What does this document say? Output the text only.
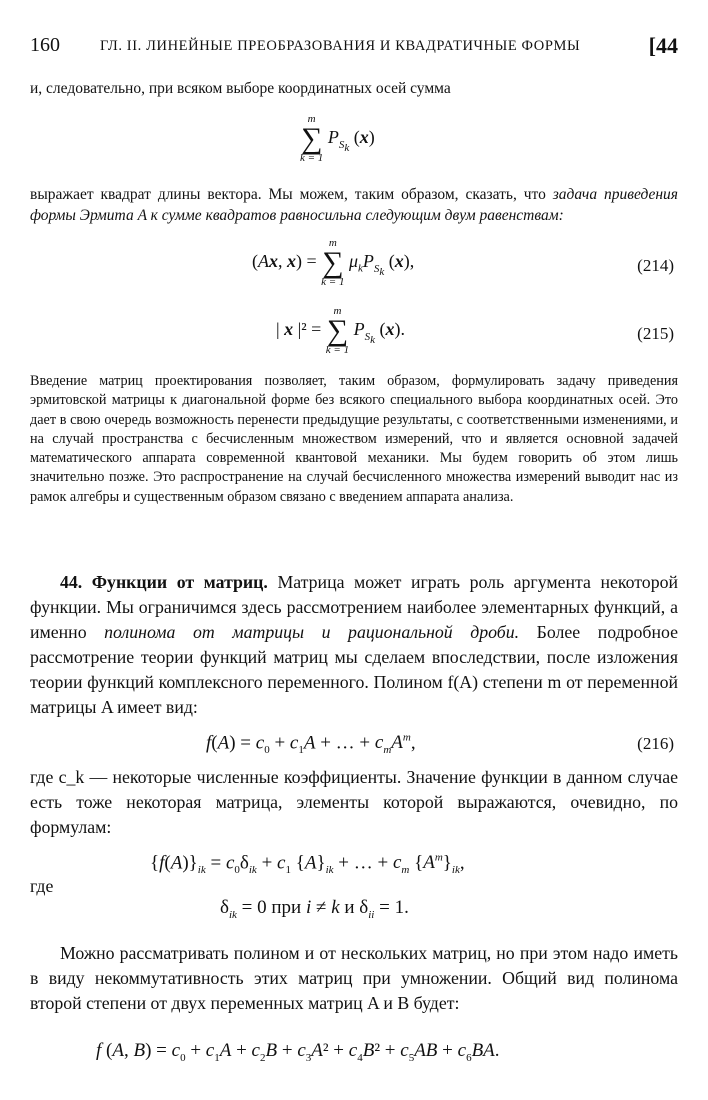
160	ГЛ. II. ЛИНЕЙНЫЕ ПРЕОБРАЗОВАНИЯ И КВАДРАТИЧНЫЕ ФОРМЫ	[44
и, следовательно, при всяком выборе координатных осей сумма
m
∑
k = 1
$P_{S_k}$ (x)
выражает квадрат длины вектора. Мы можем, таким образом, сказать, что задача приведения формы Эрмита A к сумме квадратов равносильна следующим двум равенствам:
(Ax, x) =
m
∑
k = 1
$\mu_kP_{S_k}$ (x),	(214)
| x |² =
m
∑
k = 1
$P_{S_k}$ (x).	(215)
Введение матриц проектирования позволяет, таким образом, формулировать задачу приведения эрмитовской матрицы к диагональной форме без всякого специального выбора координатных осей. Это дает в свою очередь возможность перенести предыдущие результаты, с соответственными изменениями, и на случай пространства с бесчисленным множеством измерений, что и является основной задачей математического аппарата современной квантовой механики. Мы будем говорить об этом лишь значительно позже. Это распространение на случай бесчисленного множества измерений выводит нас из рамок алгебры и существенным образом связано с введением аппарата анализа.
44. Функции от матриц. Матрица может играть роль аргумента некоторой функции. Мы ограничимся здесь рассмотрением наиболее элементарных функций, а именно полинома от матрицы и рациональной дроби. Более подробное рассмотрение теории функций матриц мы сделаем впоследствии, после изложения теории функций комплексного переменного. Полином f(A) степени m от переменной матрицы A имеет вид:
$f(A) = c_0 + c_1A$ + … + $c_mA^m$,	(216)
где c_k — некоторые численные коэффициенты. Значение функции в данном случае есть тоже некоторая матрица, элементы которой выражаются, очевидно, по формулам:
$\{f(A)\}_{ik} = c_0\delta_{ik} + c_1$ $\{A\}_{ik}$ + … + $c_m$ $\{A^m\}_{ik}$,
где
$\delta_{ik} = 0$ при i ≠ k и $\delta_{ii} = 1$.
Можно рассматривать полином и от нескольких матриц, но при этом надо иметь в виду некоммутативность этих матриц при умножении. Общий вид полинома второй степени от двух переменных матриц A и B будет:
f (A, $B) = c_0 + c_1A + c_2B + c_3A^2 + c_4B^2 + c_5AB + c_6BA$.
